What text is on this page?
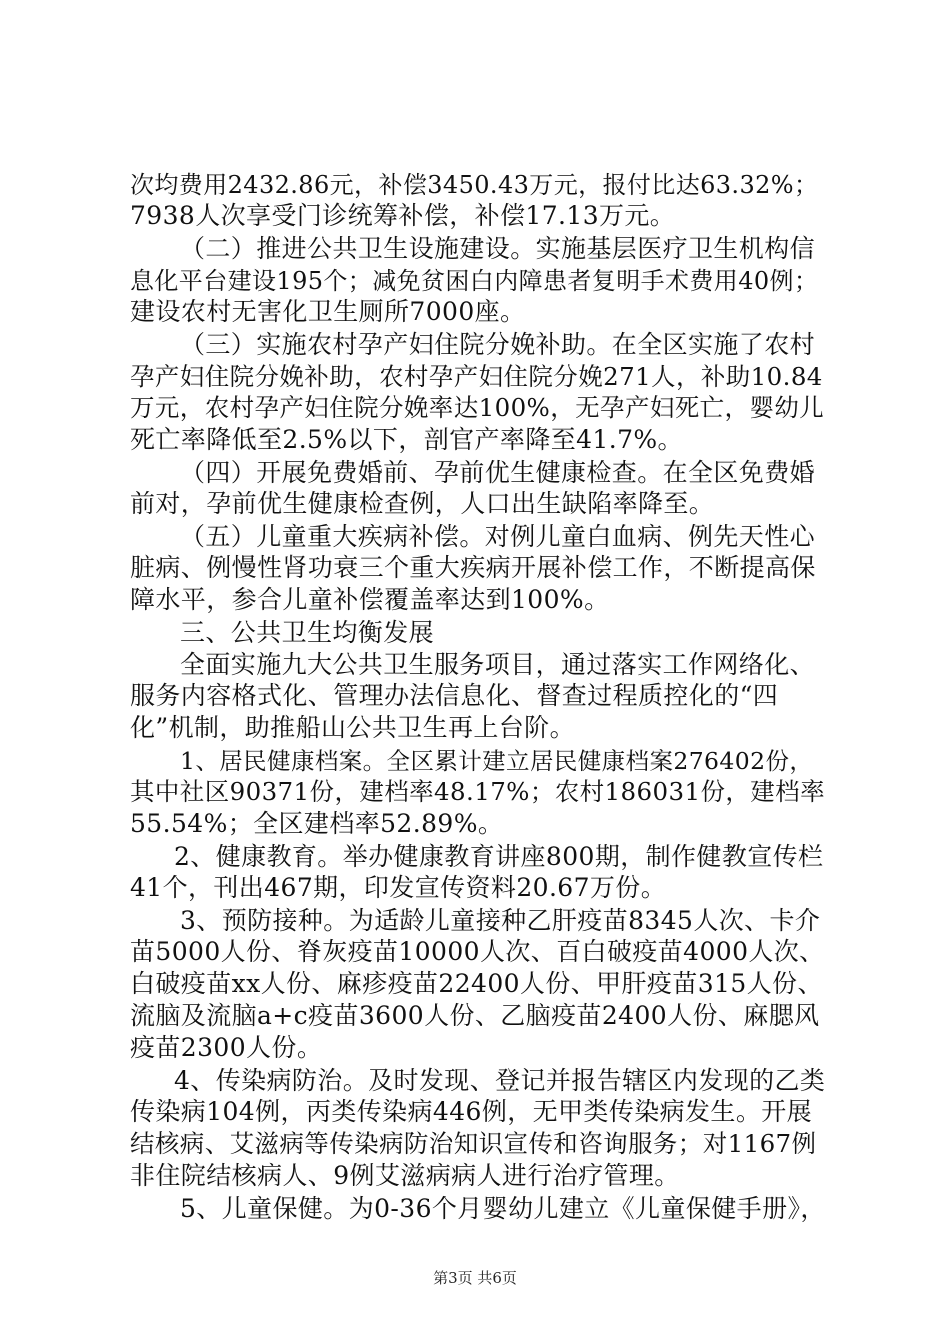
次均费用2432.86元，补偿3450.43万元，报付比达63.32%；
7938人次享受门诊统筹补偿，补偿17.13万元。
（二）推进公共卫生设施建设。实施基层医疗卫生机构信
息化平台建设195个；减免贫困白内障患者复明手术费用40例；
建设农村无害化卫生厕所7000座。
（三）实施农村孕产妇住院分娩补助。在全区实施了农村
孕产妇住院分娩补助，农村孕产妇住院分娩271人，补助10.84
万元，农村孕产妇住院分娩率达100%，无孕产妇死亡，婴幼儿
死亡率降低至2.5%以下，剖官产率降至41.7%。
（四）开展免费婚前、孕前优生健康检查。在全区免费婚
前对，孕前优生健康检查例，人口出生缺陷率降至。
（五）儿童重大疾病补偿。对例儿童白血病、例先天性心
脏病、例慢性肾功衰三个重大疾病开展补偿工作，不断提高保
障水平，参合儿童补偿覆盖率达到100%。
三、公共卫生均衡发展
全面实施九大公共卫生服务项目，通过落实工作网络化、
服务内容格式化、管理办法信息化、督查过程质控化的“四
化”机制，助推船山公共卫生再上台阶。
1、居民健康档案。全区累计建立居民健康档案276402份，
其中社区90371份，建档率48.17%；农村186031份，建档率
55.54%；全区建档率52.89%。
2、健康教育。举办健康教育讲座800期，制作健教宣传栏
41个，刊出467期，印发宣传资料20.67万份。
3、预防接种。为适龄儿童接种乙肝疫苗8345人次、卡介
苗5000人份、脊灰疫苗10000人次、百白破疫苗4000人次、
白破疫苗xx人份、麻疹疫苗22400人份、甲肝疫苗315人份、
流脑及流脑a+c疫苗3600人份、乙脑疫苗2400人份、麻腮风
疫苗2300人份。
4、传染病防治。及时发现、登记并报告辖区内发现的乙类
传染病104例，丙类传染病446例，无甲类传染病发生。开展
结核病、艾滋病等传染病防治知识宣传和咨询服务；对1167例
非住院结核病人、9例艾滋病病人进行治疗管理。
5、儿童保健。为0-36个月婴幼儿建立《儿童保健手册》，
第3页 共6页
